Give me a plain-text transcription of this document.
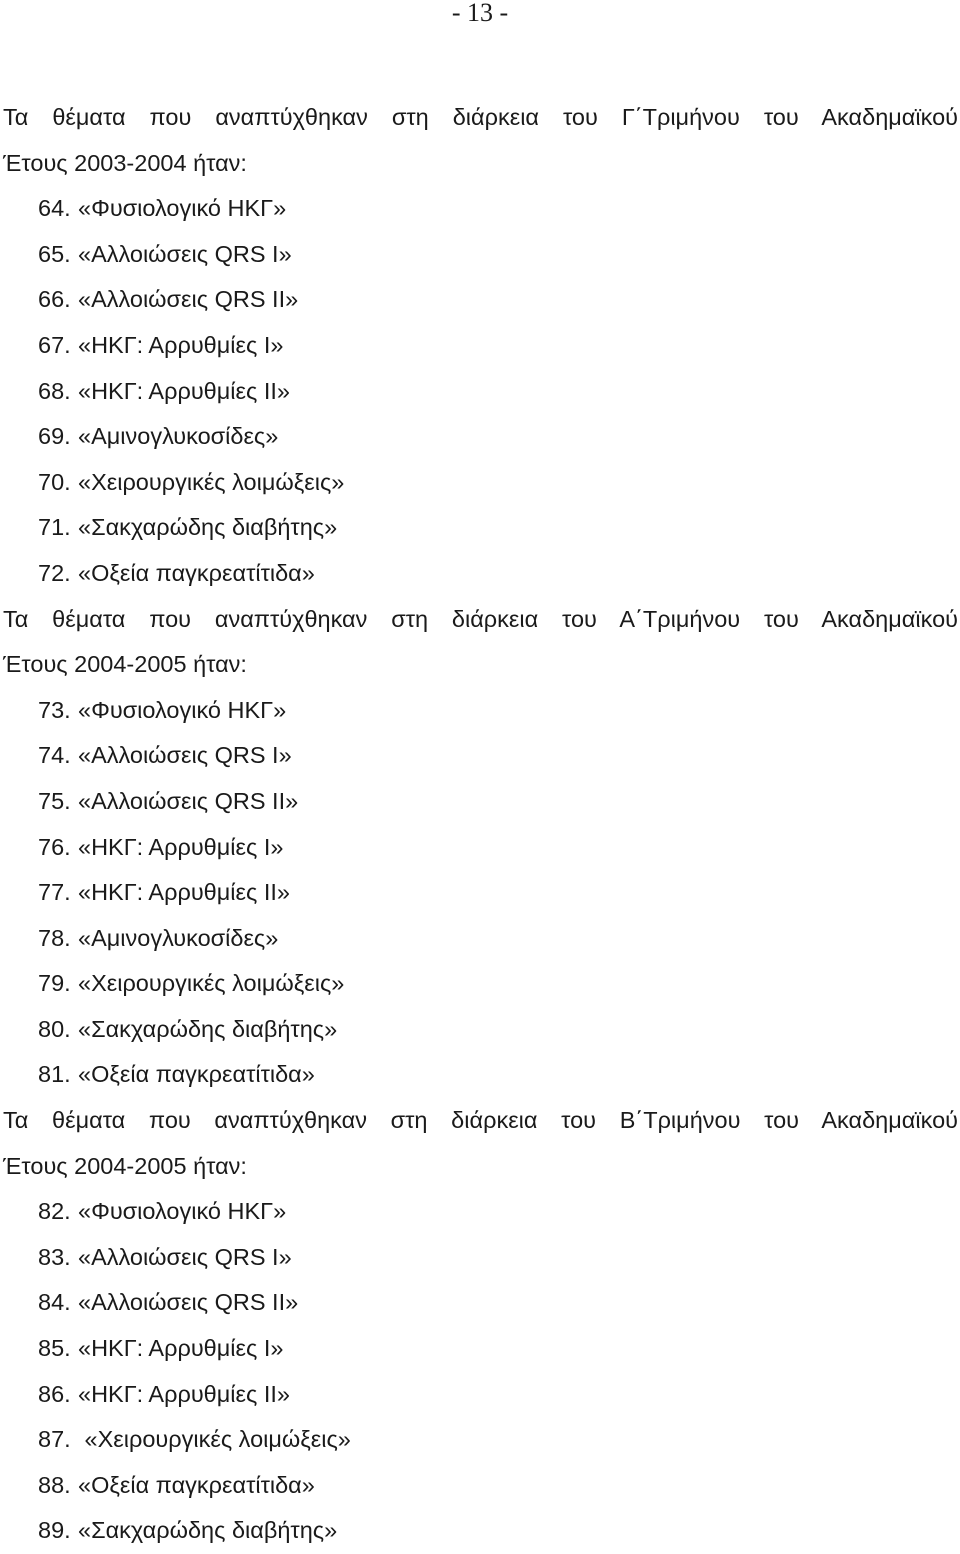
- 13 -
Τα θέματα που αναπτύχθηκαν στη διάρκεια του Γ΄Τριμήνου του Ακαδημαϊκού
Έτους 2003-2004 ήταν:
64. «Φυσιολογικό ΗΚΓ»
65. «Αλλοιώσεις QRS I»
66. «Αλλοιώσεις QRS II»
67. «ΗΚΓ: Αρρυθμίες I»
68. «ΗΚΓ: Αρρυθμίες II»
69. «Αμινογλυκοσίδες»
70. «Χειρουργικές λοιμώξεις»
71. «Σακχαρώδης διαβήτης»
72. «Οξεία παγκρεατίτιδα»
Τα θέματα που αναπτύχθηκαν στη διάρκεια του Α΄Τριμήνου του Ακαδημαϊκού
Έτους 2004-2005 ήταν:
73. «Φυσιολογικό ΗΚΓ»
74. «Αλλοιώσεις QRS I»
75. «Αλλοιώσεις QRS II»
76. «ΗΚΓ: Αρρυθμίες I»
77. «ΗΚΓ: Αρρυθμίες II»
78. «Αμινογλυκοσίδες»
79. «Χειρουργικές λοιμώξεις»
80. «Σακχαρώδης διαβήτης»
81. «Οξεία παγκρεατίτιδα»
Τα θέματα που αναπτύχθηκαν στη διάρκεια του Β΄Τριμήνου του Ακαδημαϊκού
Έτους 2004-2005 ήταν:
82. «Φυσιολογικό ΗΚΓ»
83. «Αλλοιώσεις QRS I»
84. «Αλλοιώσεις QRS II»
85. «ΗΚΓ: Αρρυθμίες I»
86. «ΗΚΓ: Αρρυθμίες II»
87. «Χειρουργικές λοιμώξεις»
88. «Οξεία παγκρεατίτιδα»
89. «Σακχαρώδης διαβήτης»
